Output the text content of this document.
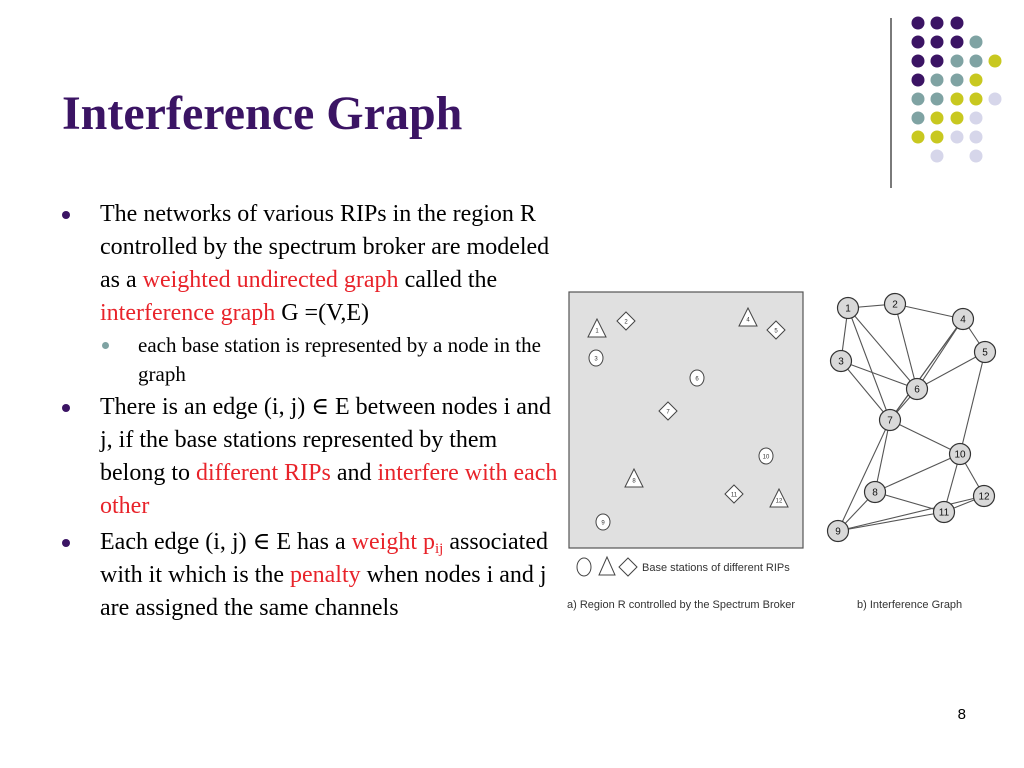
Interference Graph
The networks of various RIPs in the region R controlled by the spectrum broker are modeled as a weighted undirected graph called the interference graph G =(V,E)
each base station is represented by a node in the graph
There is an edge (i, j) ∈ E between nodes i and j, if the base stations represented by them belong to different RIPs and interfere with each other
Each edge (i, j) ∈ E has a weight $p_{ij}$ associated with it which is the penalty when nodes i and j are assigned the same channels
1
2
3
4
5
6
7
8
9
10
11
12
Base stations of different RIPs
a) Region R controlled by the Spectrum Broker	b) Interference Graph
1	2
3
4
5
6
7
8
9
10
11
12
8
